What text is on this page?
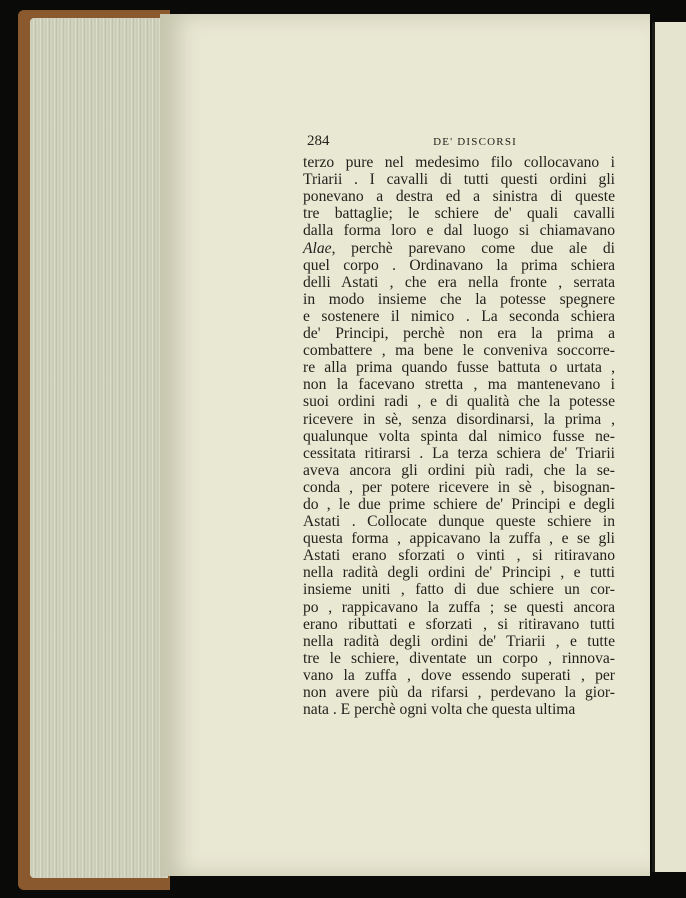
284	DE' DISCORSI
terzo pure nel medesimo filo collocavano i
Triarii . I cavalli di tutti questi ordini gli
ponevano a destra ed a sinistra di queste
tre battaglie; le schiere de' quali cavalli
dalla forma loro e dal luogo si chiamavano
Alae, perchè parevano come due ale di
quel corpo . Ordinavano la prima schiera
delli Astati , che era nella fronte , serrata
in modo insieme che la potesse spegnere
e sostenere il nimico . La seconda schiera
de' Principi, perchè non era la prima a
combattere , ma bene le conveniva soccorre-
re alla prima quando fusse battuta o urtata ,
non la facevano stretta , ma mantenevano i
suoi ordini radi , e di qualità che la potesse
ricevere in sè, senza disordinarsi, la prima ,
qualunque volta spinta dal nimico fusse ne-
cessitata ritirarsi . La terza schiera de' Triarii
aveva ancora gli ordini più radi, che la se-
conda , per potere ricevere in sè , bisognan-
do , le due prime schiere de' Principi e degli
Astati . Collocate dunque queste schiere in
questa forma , appicavano la zuffa , e se gli
Astati erano sforzati o vinti , si ritiravano
nella radità degli ordini de' Principi , e tutti
insieme uniti , fatto di due schiere un cor-
po , rappicavano la zuffa ; se questi ancora
erano ributtati e sforzati , si ritiravano tutti
nella radità degli ordini de' Triarii , e tutte
tre le schiere, diventate un corpo , rinnova-
vano la zuffa , dove essendo superati , per
non avere più da rifarsi , perdevano la gior-
nata . E perchè ogni volta che questa ultima
